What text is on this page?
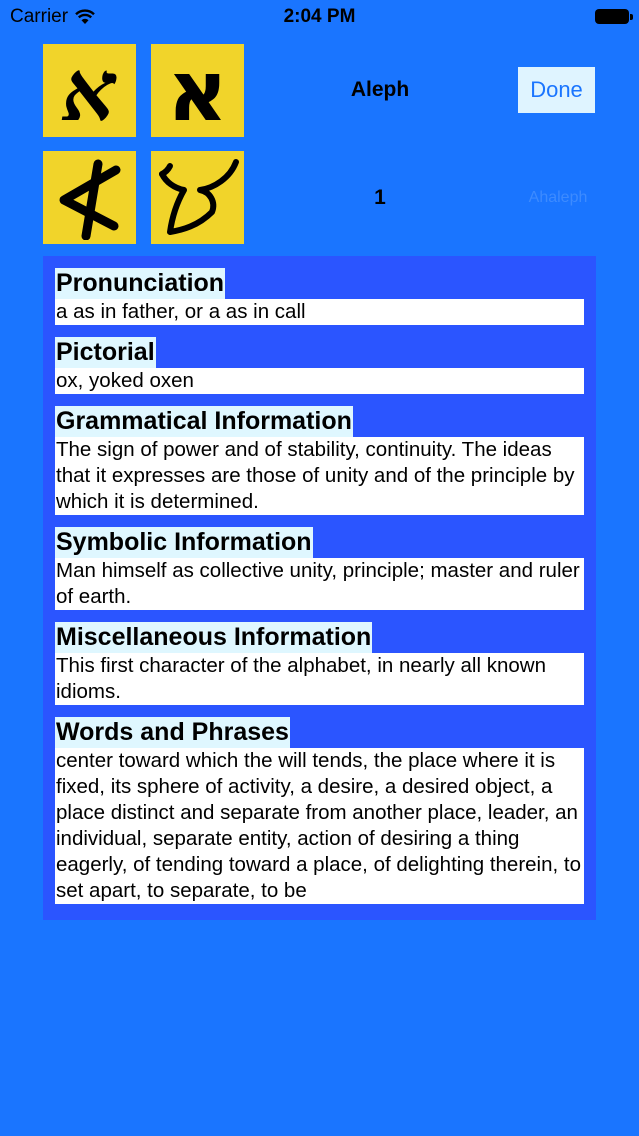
Carrier	2:04 PM
א א	Aleph	Done
1	Ahaleph
Pronunciation
a as in father, or a as in call
Pictorial
ox, yoked oxen
Grammatical Information
The sign of power and of stability, continuity. The ideas that it expresses are those of unity and of the principle by which it is determined.
Symbolic Information
Man himself as collective unity, principle; master and ruler of earth.
Miscellaneous Information
This first character of the alphabet, in nearly all known idioms.
Words and Phrases
center toward which the will tends, the place where it is fixed, its sphere of activity, a desire, a desired object, a place distinct and separate from another place, leader, an individual, separate entity, action of desiring a thing eagerly, of tending toward a place, of delighting therein, to set apart, to separate, to be
